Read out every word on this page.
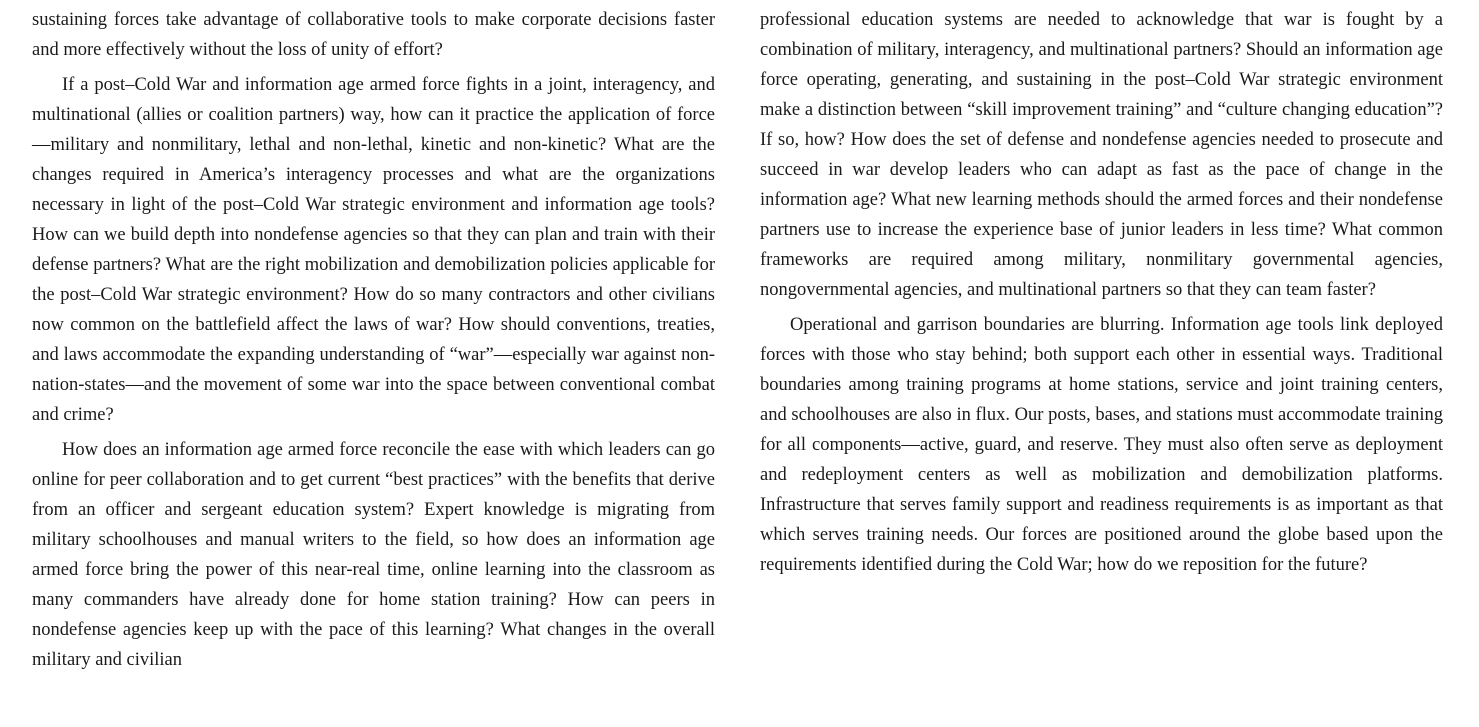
sustaining forces take advantage of collaborative tools to make corporate decisions faster and more effectively without the loss of unity of effort?

If a post–Cold War and information age armed force fights in a joint, interagency, and multinational (allies or coalition partners) way, how can it practice the application of force—military and nonmilitary, lethal and non-lethal, kinetic and non-kinetic? What are the changes required in America’s interagency processes and what are the organizations necessary in light of the post–Cold War strategic environment and information age tools? How can we build depth into nondefense agencies so that they can plan and train with their defense partners? What are the right mobilization and demobilization policies applicable for the post–Cold War strategic environment? How do so many contractors and other civilians now common on the battlefield affect the laws of war? How should conventions, treaties, and laws accommodate the expanding understanding of “war”—especially war against non-nation-states—and the movement of some war into the space between conventional combat and crime?

How does an information age armed force reconcile the ease with which leaders can go online for peer collaboration and to get current “best practices” with the benefits that derive from an officer and sergeant education system? Expert knowledge is migrating from military schoolhouses and manual writers to the field, so how does an information age armed force bring the power of this near-real time, online learning into the classroom as many commanders have already done for home station training? How can peers in nondefense agencies keep up with the pace of this learning? What changes in the overall military and civilian

professional education systems are needed to acknowledge that war is fought by a combination of military, interagency, and multinational partners? Should an information age force operating, generating, and sustaining in the post–Cold War strategic environment make a distinction between “skill improvement training” and “culture changing education”? If so, how? How does the set of defense and nondefense agencies needed to prosecute and succeed in war develop leaders who can adapt as fast as the pace of change in the information age? What new learning methods should the armed forces and their nondefense partners use to increase the experience base of junior leaders in less time? What common frameworks are required among military, nonmilitary governmental agencies, nongovernmental agencies, and multinational partners so that they can team faster?

Operational and garrison boundaries are blurring. Information age tools link deployed forces with those who stay behind; both support each other in essential ways. Traditional boundaries among training programs at home stations, service and joint training centers, and schoolhouses are also in flux. Our posts, bases, and stations must accommodate training for all components—active, guard, and reserve. They must also often serve as deployment and redeployment centers as well as mobilization and demobilization platforms. Infrastructure that serves family support and readiness requirements is as important as that which serves training needs. Our forces are positioned around the globe based upon the requirements identified during the Cold War; how do we reposition for the future?
